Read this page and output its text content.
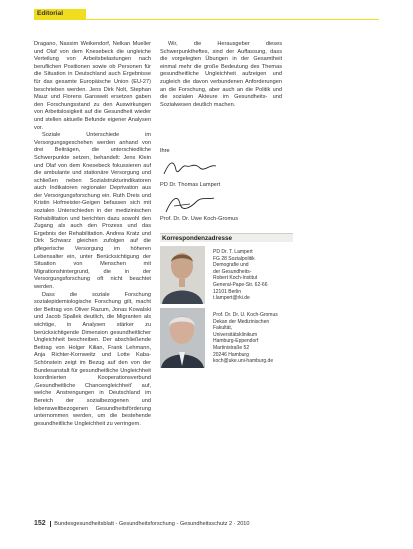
Editorial

Dragano, Nassim Weikendorf, Nelkan Mueller und Olaf von dem Knesebeck die ungleiche Verteilung von Arbeitsbelastungen nach beruflichen Positionen sowie ob Personen für die Situation in Deutschland auch Ergebnisse für das gesamte Europäische Union (EU-27) beschrieben werden. Jens Dirk Nolt, Stephan Mauz und Florens Gansweit ersetzen gaben den Forschungsstand zu den Auswirkungen von Arbeitslosigkeit auf die Gesundheit wieder und stellen aktuelle Befunde eigener Analysen vor.

Soziale Unterschiede im Versorgungsgeschehen werden anhand von drei Beiträgen, die unterschiedliche Schwerpunkte setzen, behandelt: Jens Klein und Olaf von dem Knesebeck fokussieren auf die ambulante und stationäre Versorgung und schließen neben Sozialstrukturindikatoren auch Indikatoren regionaler Deprivation aus der Versorgungsforschung ein. Ruth Dreis und Kristin Hofmeister-Geigen befassen sich mit sozialen Unterschieden in der medizinischen Rehabilitation und berichten dazu sowohl den Zugang als auch den Prozess und das Ergebnis der Rehabilitation. Andrea Kratz und Dirk Schwarz gleichen zufolgen auf die pflegerische Versorgung im höheren Lebensalter ein, unter Berücksichtigung der Situation von Menschen mit Migrationshintergrund, die in der Versorgungsforschung oft nicht beachtet werden.

Dass die soziale Forschung sozialepidemiologische Forschung gilt, macht der Beitrag von Oliver Razum, Jonas Kowalski und Jacob Spallek deutlich, die Migranten als wichtige, in Analysen stärker zu berücksichtigende Dimension gesundheitlicher Ungleichheit beschreiben. Der abschließende Beitrag von Holger Kilian, Frank Lehmann, Anja Richter-Kornweitz und Lotte Kaba-Schönstein zeigt im Bezug auf den von der Bundesanstalt für gesundheitliche Ungleichheit koordinierten Kooperationsverbund ‚Gesundheitliche Chancengleichheit' auf, welche Anstrengungen in Deutschland im Bereich der sozialbezogenen und lebensweltbezogenen Gesundheitsförderung unternommen werden, um die bestehende gesundheitliche Ungleichheit zu verringern.

Wir, die Herausgeber dieses Schwerpunktheftes, sind der Auffassung, dass die vorgelegten Übungen in der Gesamtheit einmal mehr die große Bedeutung des Themas gesundheitliche Ungleichheit aufzeigen und zugleich die davon verbundenen Anforderungen an die Forschung, aber auch an die Politik und die sozialen Akteure im Gesundheits- und Sozialwesen deutlich machen.

Ihre
PD Dr. Thomas Lampert
Prof. Dr. Dr. Uwe Koch-Gromus
Korrespondenzadresse
PD Dr. T. Lampert
FG 28 Sozialpolitik
Demografie und
der Gesundheits-
Robert Koch-Institut
General-Pape-Str. 62-66
12101 Berlin
t.lampert@rki.de
Prof. Dr. Dr. U. Koch-Gromus
Dekan der Medizinischen
Fakultät,
Universitätsklinikum
Hamburg-Eppendorf
Martinistraße 52
20246 Hamburg
koch@uke.uni-hamburg.de
152 Bundesgesundheitsblatt - Gesundheitsforschung - Gesundheitsschutz 2 · 2010
